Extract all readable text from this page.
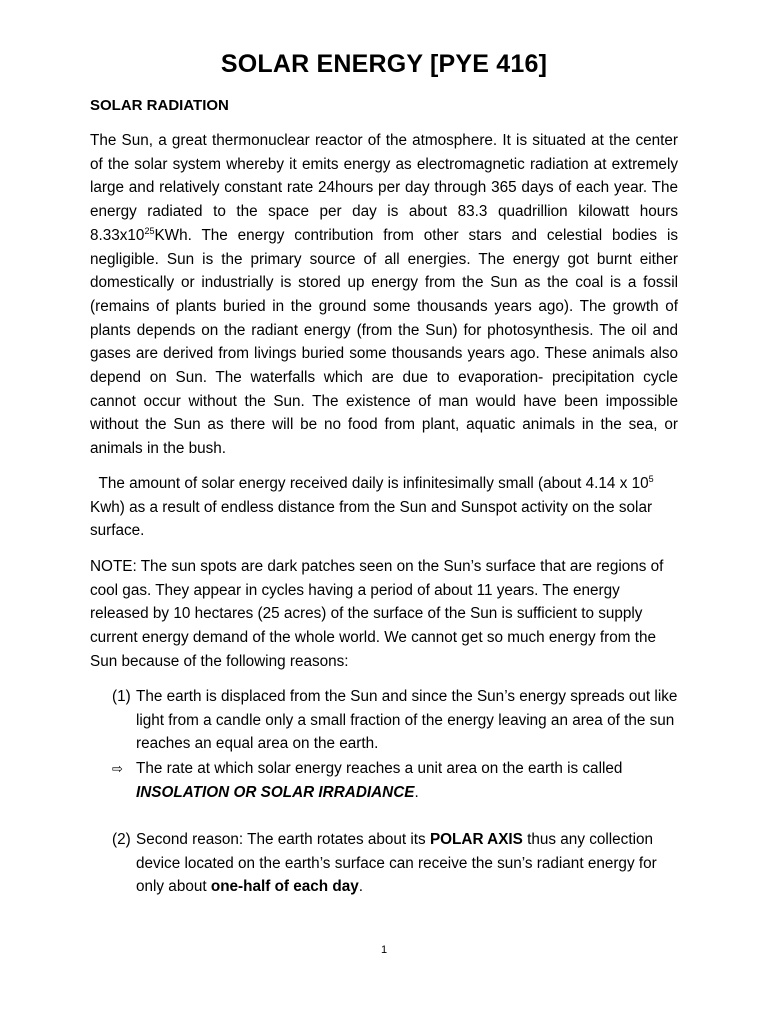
SOLAR ENERGY [PYE 416]
SOLAR RADIATION

The Sun, a great thermonuclear reactor of the atmosphere. It is situated at the center of the solar system whereby it emits energy as electromagnetic radiation at extremely large and relatively constant rate 24hours per day through 365 days of each year. The energy radiated to the space per day is about 83.3 quadrillion kilowatt hours $8.33x10^{25}KWh$. The energy contribution from other stars and celestial bodies is negligible. Sun is the primary source of all energies. The energy got burnt either domestically or industrially is stored up energy from the Sun as the coal is a fossil (remains of plants buried in the ground some thousands years ago). The growth of plants depends on the radiant energy (from the Sun) for photosynthesis. The oil and gases are derived from livings buried some thousands years ago. These animals also depend on Sun. The waterfalls which are due to evaporation- precipitation cycle cannot occur without the Sun. The existence of man would have been impossible without the Sun as there will be no food from plant, aquatic animals in the sea, or animals in the bush.

The amount of solar energy received daily is infinitesimally small (about 4.14 x $10^5$ Kwh) as a result of endless distance from the Sun and Sunspot activity on the solar surface.

NOTE: The sun spots are dark patches seen on the Sun’s surface that are regions of cool gas. They appear in cycles having a period of about 11 years. The energy released by 10 hectares (25 acres) of the surface of the Sun is sufficient to supply current energy demand of the whole world. We cannot get so much energy from the Sun because of the following reasons:

(1) The earth is displaced from the Sun and since the Sun’s energy spreads out like light from a candle only a small fraction of the energy leaving an area of the sun reaches an equal area on the earth.
⇨ The rate at which solar energy reaches a unit area on the earth is called INSOLATION OR SOLAR IRRADIANCE.
(2) Second reason: The earth rotates about its POLAR AXIS thus any collection device located on the earth’s surface can receive the sun’s radiant energy for only about one-half of each day.
1
